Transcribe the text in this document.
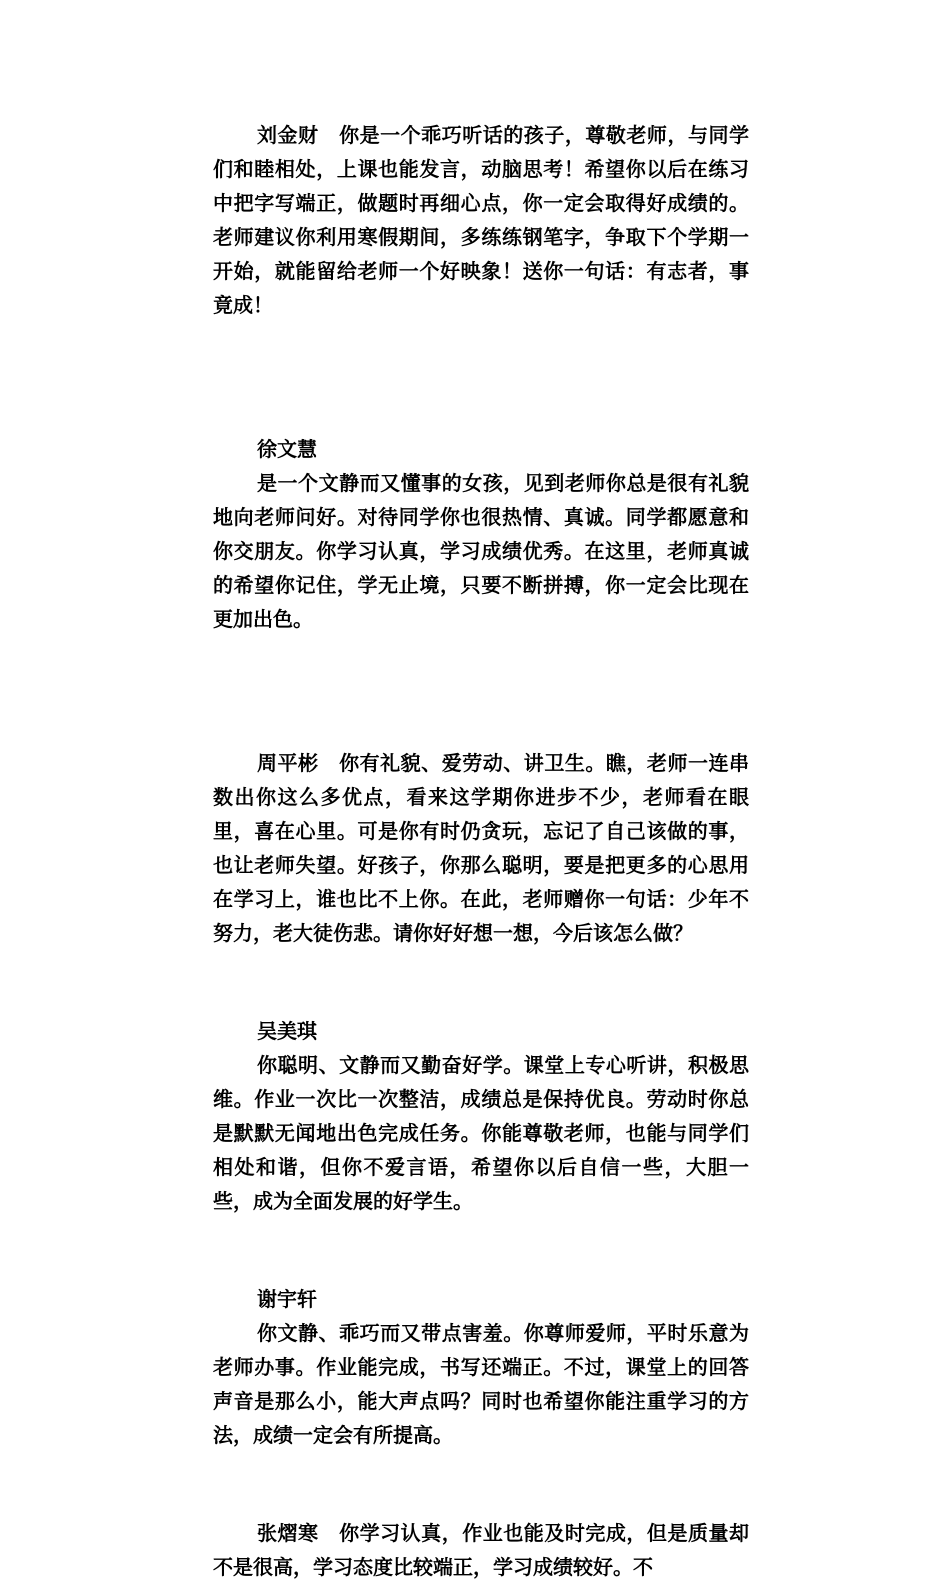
刘金财 你是一个乖巧听话的孩子，尊敬老师，与同学们和睦相处，上课也能发言，动脑思考！希望你以后在练习中把字写端正，做题时再细心点，你一定会取得好成绩的。老师建议你利用寒假期间，多练练钢笔字，争取下个学期一开始，就能留给老师一个好映象！送你一句话：有志者，事竟成！

徐文慧

是一个文静而又懂事的女孩，见到老师你总是很有礼貌地向老师问好。对待同学你也很热情、真诚。同学都愿意和你交朋友。你学习认真，学习成绩优秀。在这里，老师真诚的希望你记住，学无止境，只要不断拼搏，你一定会比现在更加出色。

周平彬 你有礼貌、爱劳动、讲卫生。瞧，老师一连串数出你这么多优点，看来这学期你进步不少，老师看在眼里，喜在心里。可是你有时仍贪玩，忘记了自己该做的事，也让老师失望。好孩子，你那么聪明，要是把更多的心思用在学习上，谁也比不上你。在此，老师赠你一句话：少年不努力，老大徒伤悲。请你好好想一想，今后该怎么做？

吴美琪

你聪明、文静而又勤奋好学。课堂上专心听讲，积极思维。作业一次比一次整洁，成绩总是保持优良。劳动时你总是默默无闻地出色完成任务。你能尊敬老师，也能与同学们相处和谐，但你不爱言语，希望你以后自信一些，大胆一些，成为全面发展的好学生。

谢宇轩

你文静、乖巧而又带点害羞。你尊师爱师，平时乐意为老师办事。作业能完成，书写还端正。不过，课堂上的回答声音是那么小，能大声点吗？同时也希望你能注重学习的方法，成绩一定会有所提高。

张熠寒 你学习认真，作业也能及时完成，但是质量却不是很高，学习态度比较端正，学习成绩较好。不
